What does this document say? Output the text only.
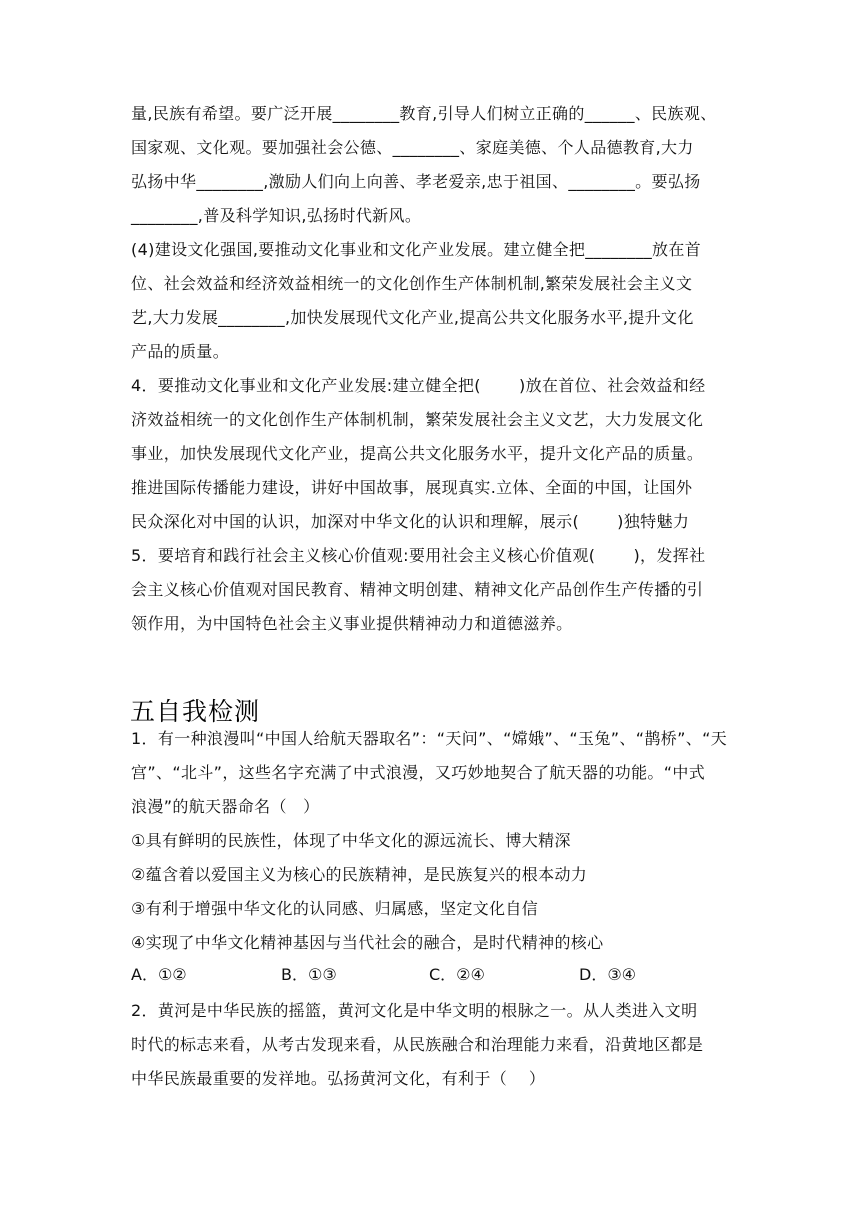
量,民族有希望。要广泛开展________教育,引导人们树立正确的______、民族观、
国家观、文化观。要加强社会公德、________、家庭美德、个人品德教育,大力
弘扬中华________,激励人们向上向善、孝老爱亲,忠于祖国、________。要弘扬
________,普及科学知识,弘扬时代新风。
(4)建设文化强国,要推动文化事业和文化产业发展。建立健全把________放在首
位、社会效益和经济效益相统一的文化创作生产体制机制,繁荣发展社会主义文
艺,大力发展________,加快发展现代文化产业,提高公共文化服务水平,提升文化
产品的质量。
4．要推动文化事业和文化产业发展:建立健全把(　　 )放在首位、社会效益和经
济效益相统一的文化创作生产体制机制，繁荣发展社会主义文艺，大力发展文化
事业，加快发展现代文化产业，提高公共文化服务水平，提升文化产品的质量。
推进国际传播能力建设，讲好中国故事，展现真实.立体、全面的中国，让国外
民众深化对中国的认识，加深对中华文化的认识和理解，展示(　　 )独特魅力
5．要培育和践行社会主义核心价值观:要用社会主义核心价值观(　　 )，发挥社
会主义核心价值观对国民教育、精神文明创建、精神文化产品创作生产传播的引
领作用，为中国特色社会主义事业提供精神动力和道德滋养。
五自我检测
1．有一种浪漫叫“中国人给航天器取名”：“天问”、“嫦娥”、“玉兔”、“鹊桥”、“天
宫”、“北斗”，这些名字充满了中式浪漫，又巧妙地契合了航天器的功能。“中式
浪漫”的航天器命名（　）
①具有鲜明的民族性，体现了中华文化的源远流长、博大精深
②蕴含着以爱国主义为核心的民族精神，是民族复兴的根本动力
③有利于增强中华文化的认同感、归属感，坚定文化自信
④实现了中华文化精神基因与当代社会的融合，是时代精神的核心
A．①②	B．①③	C．②④	D．③④
2．黄河是中华民族的摇篮，黄河文化是中华文明的根脉之一。从人类进入文明
时代的标志来看，从考古发现来看，从民族融合和治理能力来看，沿黄地区都是
中华民族最重要的发祥地。弘扬黄河文化，有利于（　 ）
